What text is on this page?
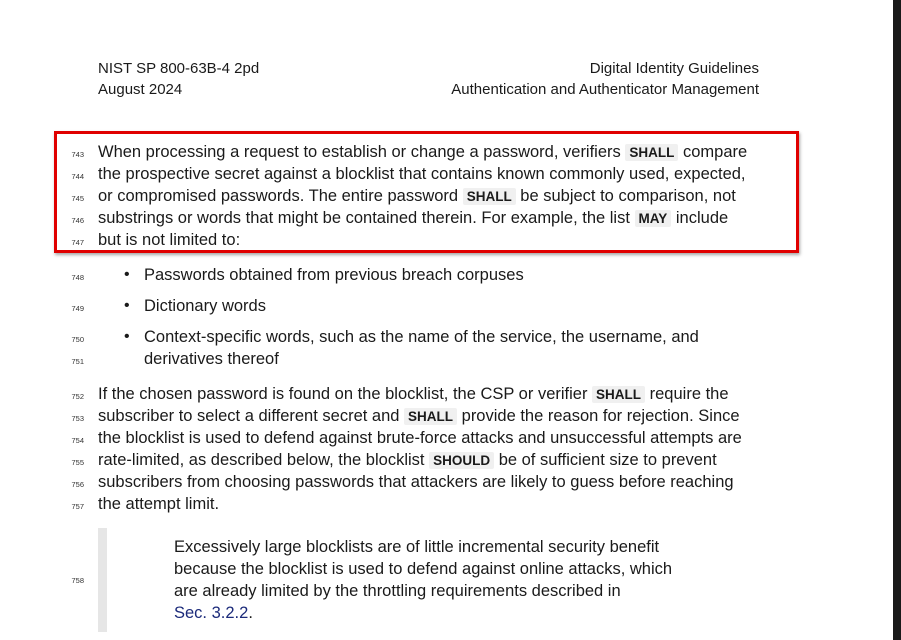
NIST SP 800-63B-4 2pd
August 2024
Digital Identity Guidelines
Authentication and Authenticator Management
743 When processing a request to establish or change a password, verifiers SHALL compare
744 the prospective secret against a blocklist that contains known commonly used, expected,
745 or compromised passwords. The entire password SHALL be subject to comparison, not
746 substrings or words that might be contained therein. For example, the list MAY include
747 but is not limited to:
748	• Passwords obtained from previous breach corpuses
749	• Dictionary words
750	• Context-specific words, such as the name of the service, the username, and
751	derivatives thereof
752 If the chosen password is found on the blocklist, the CSP or verifier SHALL require the
753 subscriber to select a different secret and SHALL provide the reason for rejection. Since
754 the blocklist is used to defend against brute-force attacks and unsuccessful attempts are
755 rate-limited, as described below, the blocklist SHOULD be of sufficient size to prevent
756 subscribers from choosing passwords that attackers are likely to guess before reaching
757 the attempt limit.
758
Excessively large blocklists are of little incremental security benefit
because the blocklist is used to defend against online attacks, which
are already limited by the throttling requirements described in
Sec. 3.2.2.
